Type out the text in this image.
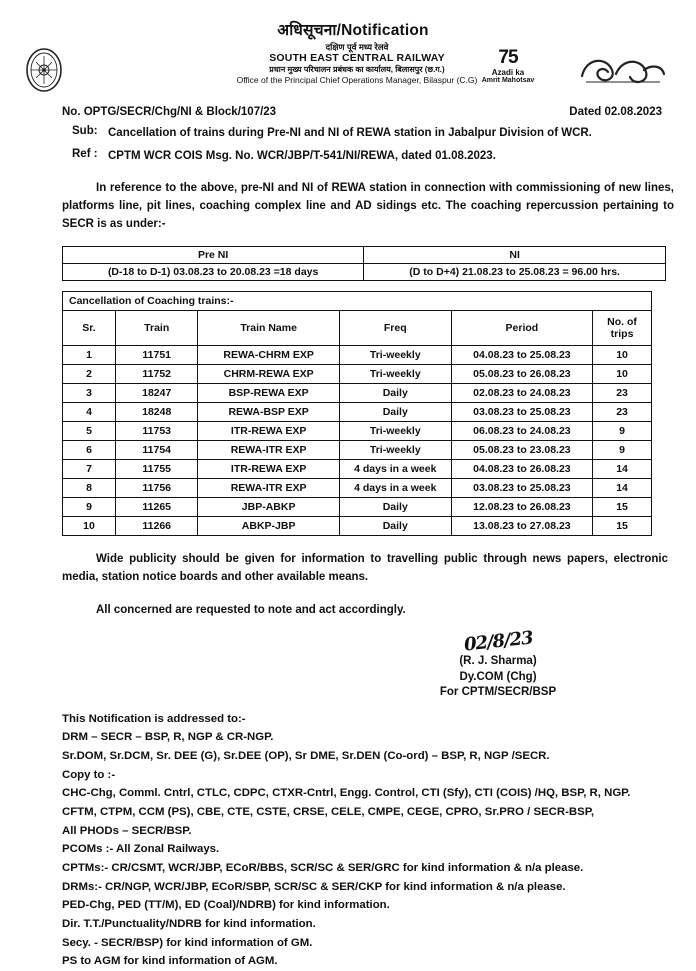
अधिसूचना/Notification
दक्षिण पूर्व मध्य रेलवे
SOUTH EAST CENTRAL RAILWAY
प्रधान मुख्य परिचालन प्रबंधक का कार्यालय, बिलासपुर (छ.ग.)
Office of the Principal Chief Operations Manager, Bilaspur (C.G)
75
Azadi ka
Amrit Mahotsav
No. OPTG/SECR/Chg/NI & Block/107/23	Dated 02.08.2023
Sub: Cancellation of trains during Pre-NI and NI of REWA station in Jabalpur Division of WCR.
Ref : CPTM WCR COIS Msg. No. WCR/JBP/T-541/NI/REWA, dated 01.08.2023.
In reference to the above, pre-NI and NI of REWA station in connection with commissioning of new lines, platforms line, pit lines, coaching complex line and AD sidings etc. The coaching repercussion pertaining to SECR is as under:-
Pre NI	NI
(D-18 to D-1) 03.08.23 to 20.08.23 =18 days	(D to D+4) 21.08.23 to 25.08.23 = 96.00 hrs.
Cancellation of Coaching trains:-
Sr.	Train	Train Name	Freq	Period	No. of trips
1	11751	REWA-CHRM EXP	Tri-weekly	04.08.23 to 25.08.23	10
2	11752	CHRM-REWA EXP	Tri-weekly	05.08.23 to 26.08.23	10
3	18247	BSP-REWA EXP	Daily	02.08.23 to 24.08.23	23
4	18248	REWA-BSP EXP	Daily	03.08.23 to 25.08.23	23
5	11753	ITR-REWA EXP	Tri-weekly	06.08.23 to 24.08.23	9
6	11754	REWA-ITR EXP	Tri-weekly	05.08.23 to 23.08.23	9
7	11755	ITR-REWA EXP	4 days in a week	04.08.23 to 26.08.23	14
8	11756	REWA-ITR EXP	4 days in a week	03.08.23 to 25.08.23	14
9	11265	JBP-ABKP	Daily	12.08.23 to 26.08.23	15
10	11266	ABKP-JBP	Daily	13.08.23 to 27.08.23	15
Wide publicity should be given for information to travelling public through news papers, electronic media, station notice boards and other available means.
All concerned are requested to note and act accordingly.
02/8/23
(R. J. Sharma)
Dy.COM (Chg)
For CPTM/SECR/BSP
This Notification is addressed to:-
DRM – SECR – BSP, R, NGP & CR-NGP.
Sr.DOM, Sr.DCM, Sr. DEE (G), Sr.DEE (OP), Sr DME, Sr.DEN (Co-ord) – BSP, R, NGP /SECR.
Copy to :-
CHC-Chg, Comml. Cntrl, CTLC, CDPC, CTXR-Cntrl, Engg. Control, CTI (Sfy), CTI (COIS) /HQ, BSP, R, NGP.
CFTM, CTPM, CCM (PS), CBE, CTE, CSTE, CRSE, CELE, CMPE, CEGE, CPRO, Sr.PRO / SECR-BSP,
All PHODs – SECR/BSP.
PCOMs :- All Zonal Railways.
CPTMs:- CR/CSMT, WCR/JBP, ECoR/BBS, SCR/SC & SER/GRC for kind information & n/a please.
DRMs:- CR/NGP, WCR/JBP, ECoR/SBP, SCR/SC & SER/CKP for kind information & n/a please.
PED-Chg, PED (TT/M), ED (Coal)/NDRB) for kind information.
Dir. T.T./Punctuality/NDRB for kind information.
Secy. - SECR/BSP) for kind information of GM.
PS to AGM for kind information of AGM.
